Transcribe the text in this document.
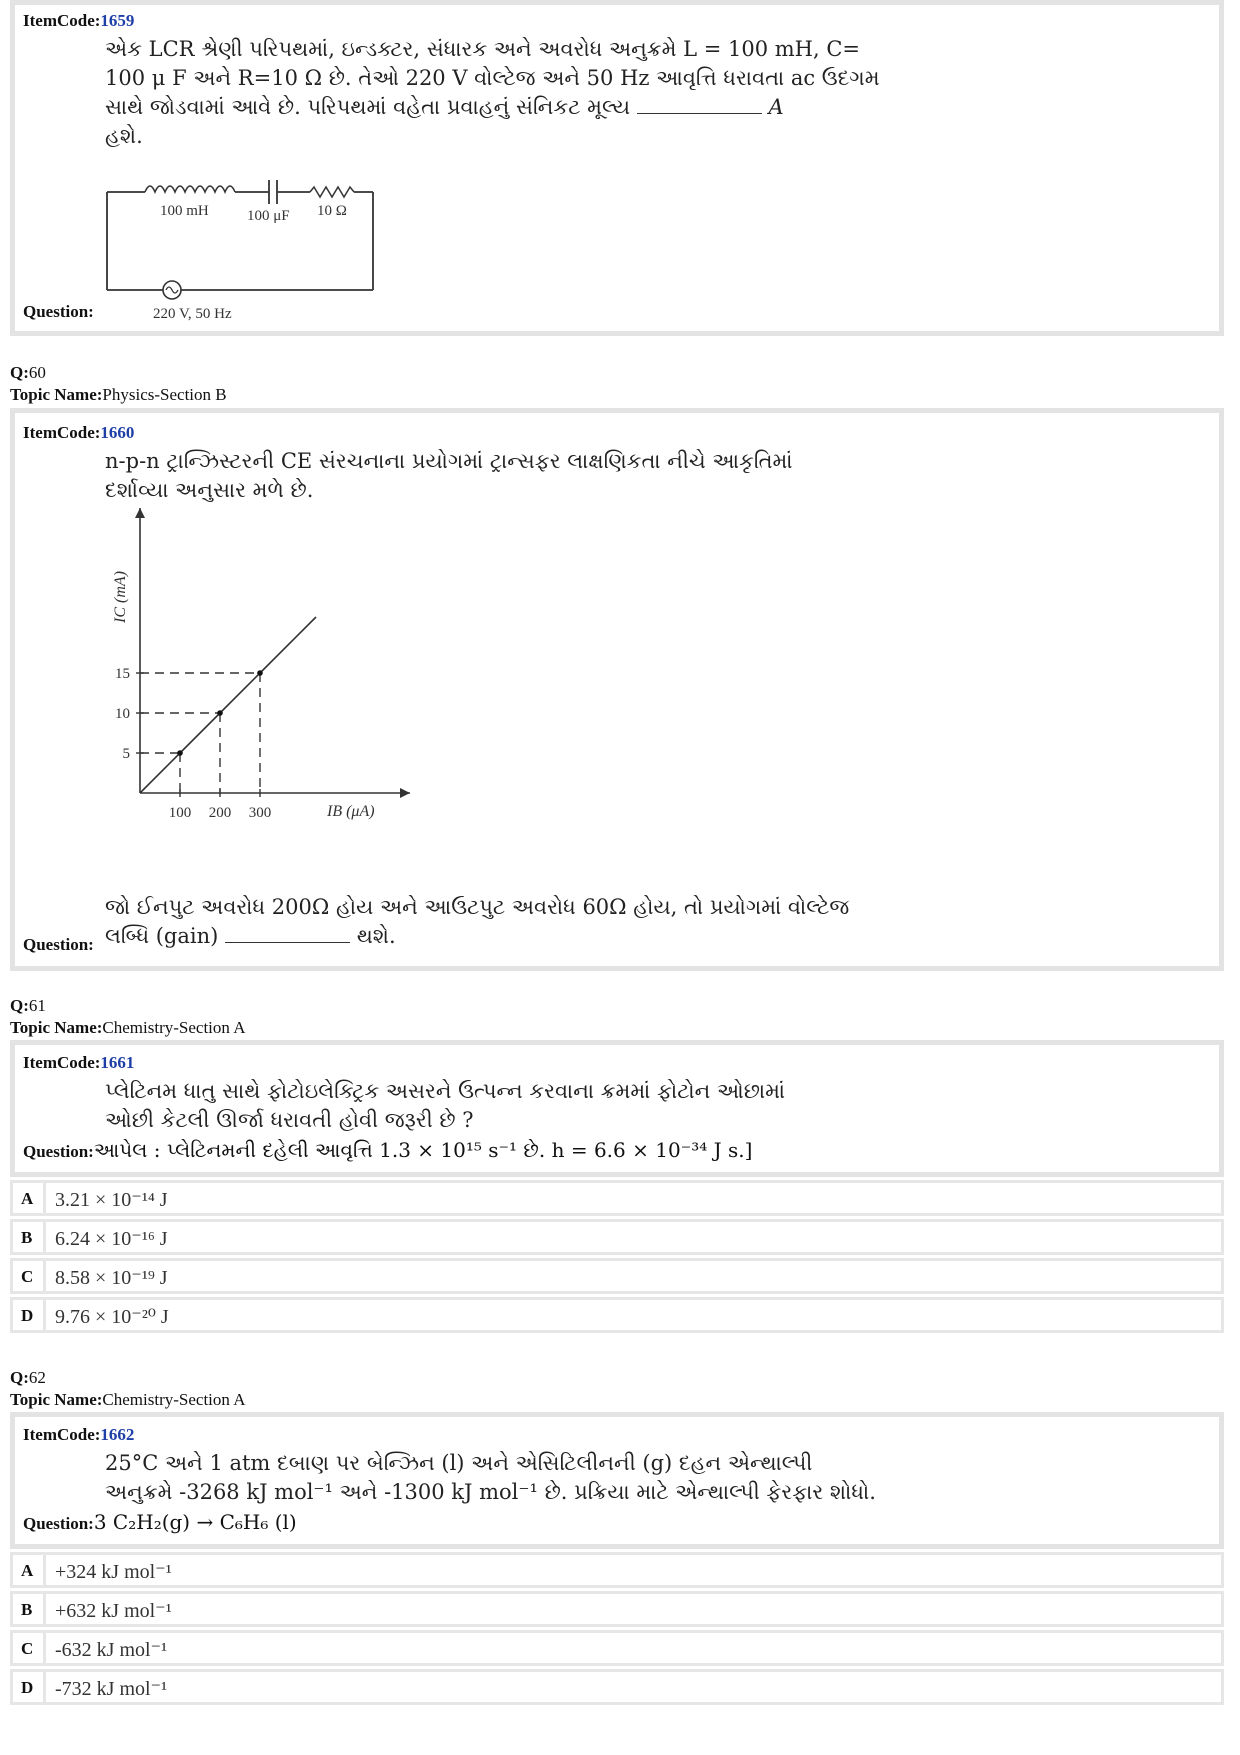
ItemCode:1659
એક LCR શ્રેણી પરિપથમાં, ઇન્ડક્ટર, સંધારક અને અવરોધ અનુક્રમે L = 100 mH, C=
100 μ F અને R=10 Ω છે. તેઓ 220 V વોલ્ટેજ અને 50 Hz આવૃત્તિ ધરાવતા ac ઉદગમ
સાથે જોડવામાં આવે છે. પરિપથમાં વહેતા પ્રવાહનું સંનિકટ મૂલ્ય	A
હશે.
100 mH	100 μF 10 Ω
220 V, 50 Hz
Question:
Q:60
Topic Name:Physics-Section B
ItemCode:1660
n-p-n ટ્રાન્ઝિસ્ટરની CE સંરચનાના પ્રયોગમાં ટ્રાન્સફર લાક્ષણિકતા નીચે આકૃતિમાં
દર્શાવ્યા અનુસાર મળે છે.
100 200 300
15
10
5
IC (mA)
IB (μA)
જો ઈનપુટ અવરોધ 200Ω હોય અને આઉટપુટ અવરોધ 60Ω હોય, તો પ્રયોગમાં વોલ્ટેજ
લબ્ધિ (gain)	થશે.
Question:
Q:61
Topic Name:Chemistry-Section A
ItemCode:1661
પ્લેટિનમ ધાતુ સાથે ફોટોઇલેક્ટ્રિક અસરને ઉત્પન્ન કરવાના ક્રમમાં ફોટોન ઓછામાં
ઓછી કેટલી ઊર્જા ધરાવતી હોવી જરૂરી છે ?
Question:આપેલ : પ્લેટિનમની દહેલી આવૃત્તિ 1.3 × 10¹⁵ s⁻¹ છે. h = 6.6 × 10⁻³⁴ J s.]
A 3.21 × 10⁻¹⁴ J
B 6.24 × 10⁻¹⁶ J
C 8.58 × 10⁻¹⁹ J
D 9.76 × 10⁻²⁰ J
Q:62
Topic Name:Chemistry-Section A
ItemCode:1662
25°C અને 1 atm દબાણ પર બેન્ઝિન (l) અને એસિટિલીનની (g) દહન એન્થાલ્પી
અનુક્રમે -3268 kJ mol⁻¹ અને -1300 kJ mol⁻¹ છે. પ્રક્રિયા માટે એન્થાલ્પી ફેરફાર શોધો.
Question:3 C₂H₂(g) → C₆H₆ (l)
A +324 kJ mol⁻¹
B +632 kJ mol⁻¹
C -632 kJ mol⁻¹
D -732 kJ mol⁻¹
